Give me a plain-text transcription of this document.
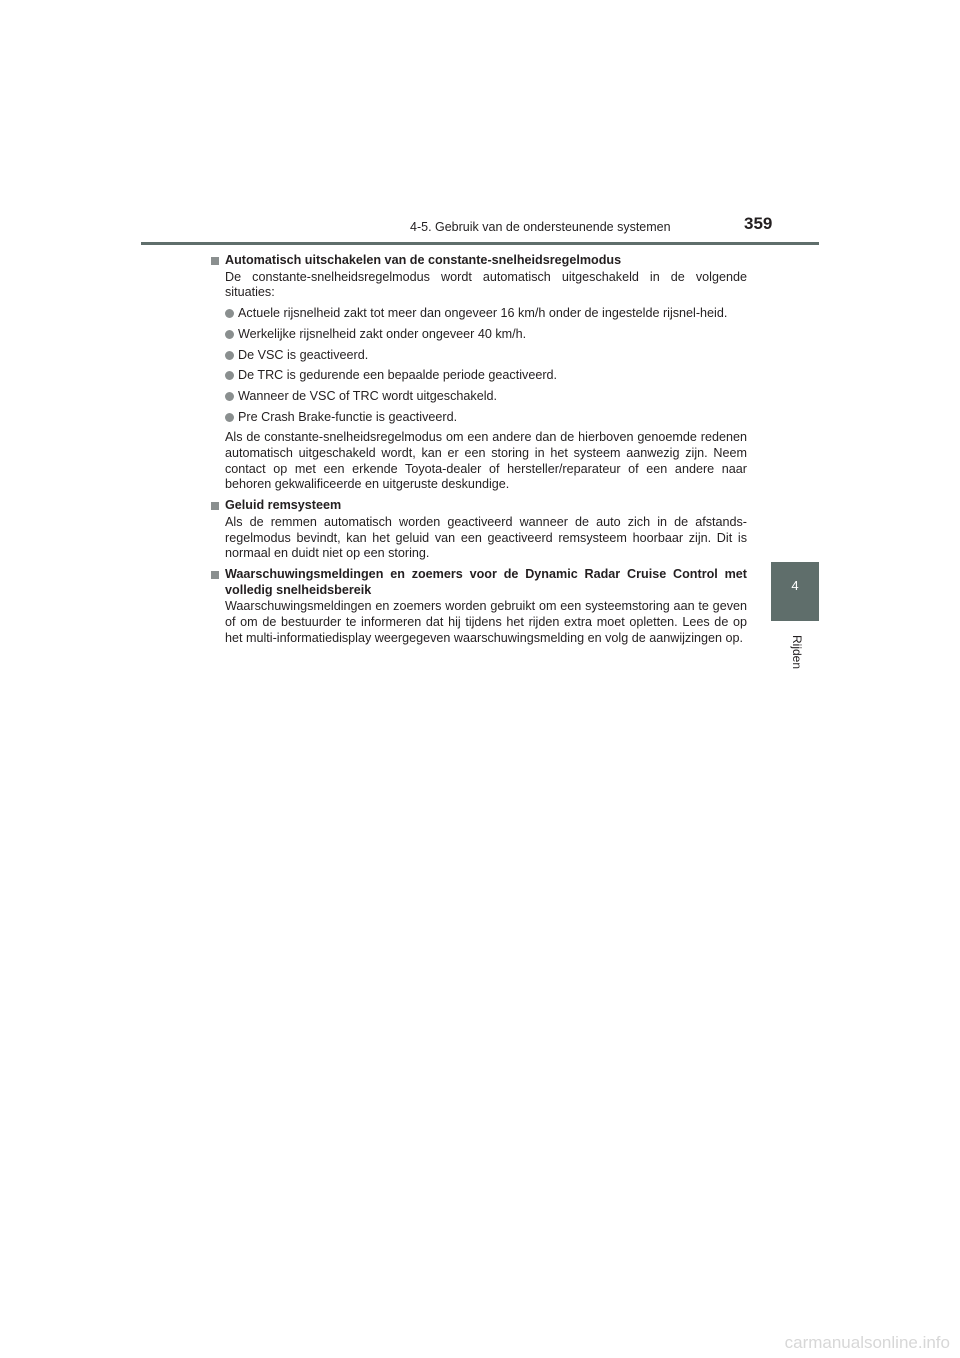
4-5. Gebruik van de ondersteunende systemen	359
4
Rijden
Automatisch uitschakelen van de constante-snelheidsregelmodus
De constante-snelheidsregelmodus wordt automatisch uitgeschakeld in de volgende situaties:
Actuele rijsnelheid zakt tot meer dan ongeveer 16 km/h onder de ingestelde rijsnel-heid.
Werkelijke rijsnelheid zakt onder ongeveer 40 km/h.
De VSC is geactiveerd.
De TRC is gedurende een bepaalde periode geactiveerd.
Wanneer de VSC of TRC wordt uitgeschakeld.
Pre Crash Brake-functie is geactiveerd.
Als de constante-snelheidsregelmodus om een andere dan de hierboven genoemde redenen automatisch uitgeschakeld wordt, kan er een storing in het systeem aanwezig zijn. Neem contact op met een erkende Toyota-dealer of hersteller/reparateur of een andere naar behoren gekwalificeerde en uitgeruste deskundige.
Geluid remsysteem
Als de remmen automatisch worden geactiveerd wanneer de auto zich in de afstands-regelmodus bevindt, kan het geluid van een geactiveerd remsysteem hoorbaar zijn. Dit is normaal en duidt niet op een storing.
Waarschuwingsmeldingen en zoemers voor de Dynamic Radar Cruise Control met volledig snelheidsbereik
Waarschuwingsmeldingen en zoemers worden gebruikt om een systeemstoring aan te geven of om de bestuurder te informeren dat hij tijdens het rijden extra moet opletten. Lees de op het multi-informatiedisplay weergegeven waarschuwingsmelding en volg de aanwijzingen op.
carmanualsonline.info
